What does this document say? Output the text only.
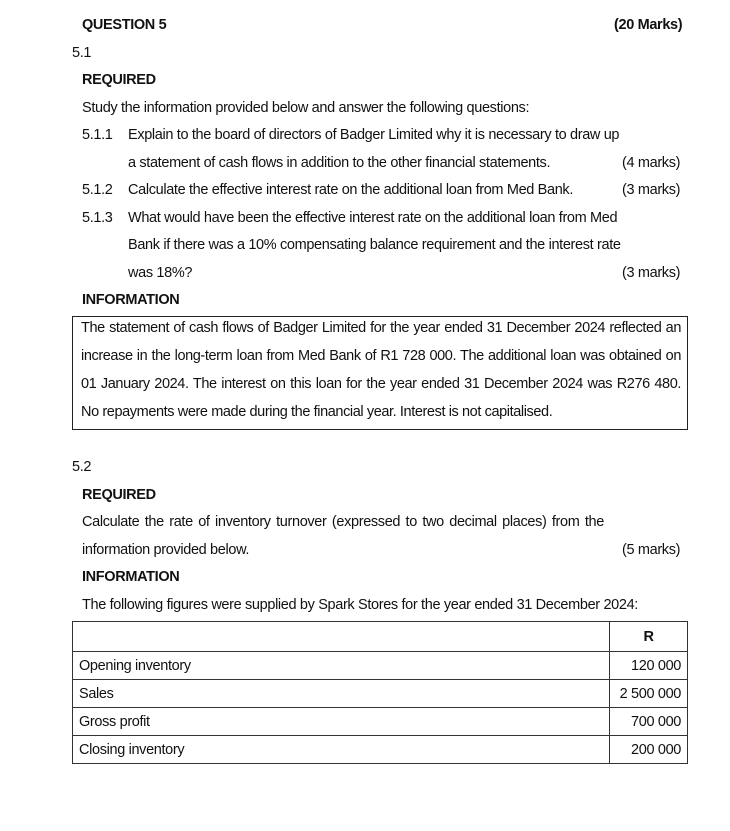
QUESTION 5	(20 Marks)
5.1
REQUIRED
Study the information provided below and answer the following questions:
5.1.1 Explain to the board of directors of Badger Limited why it is necessary to draw up
a statement of cash flows in addition to the other financial statements.	(4 marks)
5.1.2 Calculate the effective interest rate on the additional loan from Med Bank.	(3 marks)
5.1.3 What would have been the effective interest rate on the additional loan from Med
Bank if there was a 10% compensating balance requirement and the interest rate
was 18%?	(3 marks)
INFORMATION
The statement of cash flows of Badger Limited for the year ended 31 December 2024 reflected an increase in the long-term loan from Med Bank of R1 728 000. The additional loan was obtained on 01 January 2024. The interest on this loan for the year ended 31 December 2024 was R276 480. No repayments were made during the financial year. Interest is not capitalised.
5.2
REQUIRED
Calculate the rate of inventory turnover (expressed to two decimal places) from the
information provided below.	(5 marks)
INFORMATION
The following figures were supplied by Spark Stores for the year ended 31 December 2024:
	R
Opening inventory	120 000
Sales	2 500 000
Gross profit	700 000
Closing inventory	200 000
